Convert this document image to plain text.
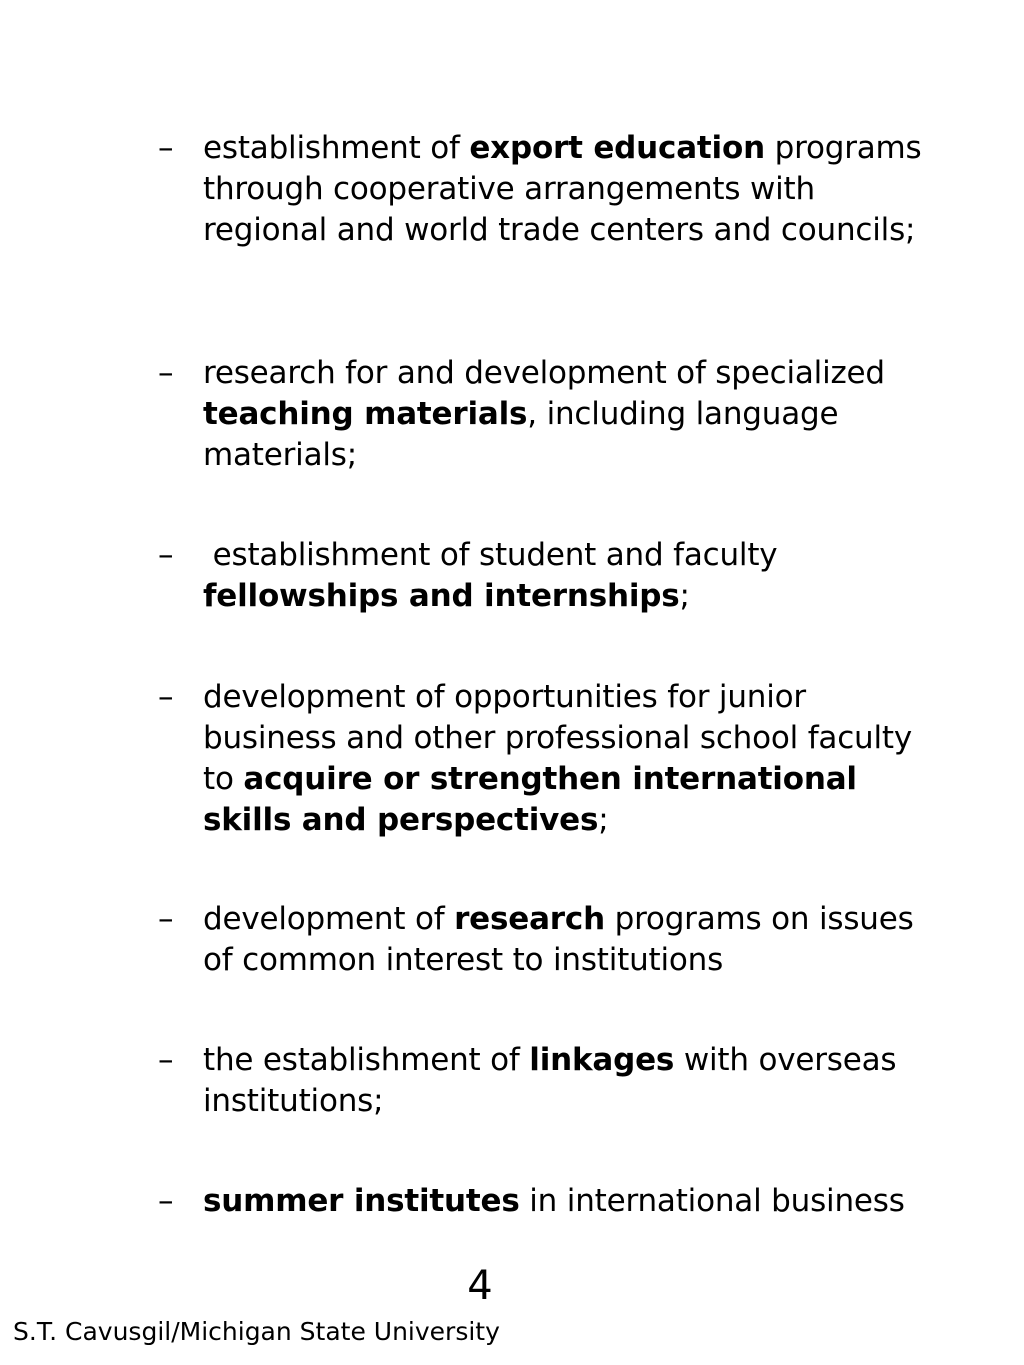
– establishment of export education programs through cooperative arrangements with regional and world trade centers and councils;
– research for and development of specialized teaching materials, including language materials;
– establishment of student and faculty fellowships and internships;
– development of opportunities for junior business and other professional school faculty to acquire or strengthen international skills and perspectives;
– development of research programs on issues of common interest to institutions
– the establishment of linkages with overseas institutions;
– summer institutes in international business
4
S.T. Cavusgil/Michigan State University
